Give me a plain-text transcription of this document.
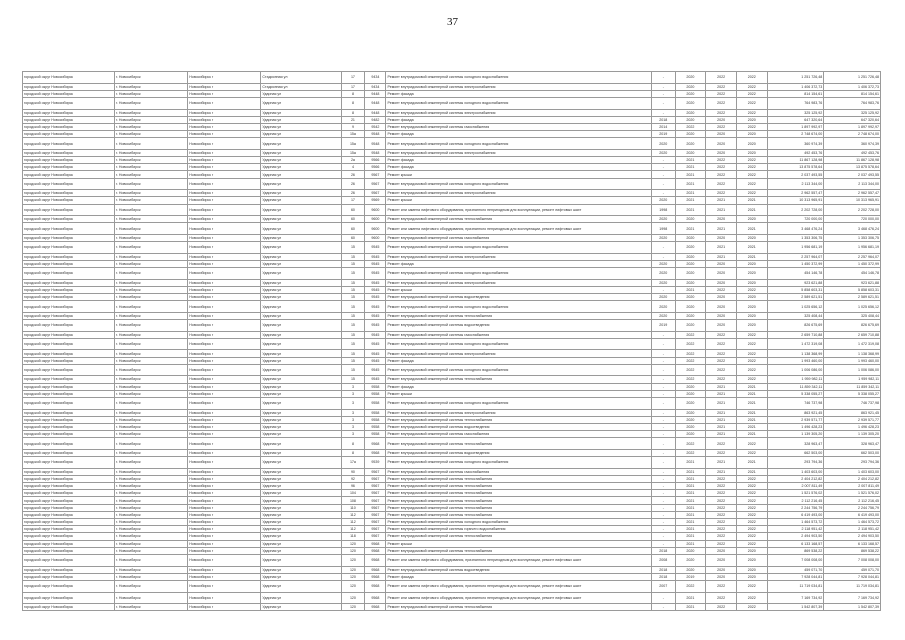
37
городской округ Новосибирск	г. Новосибирск	Новосибирск г	Стадионная ул	17	9434	Ремонт внутридомовой инженерной системы холодного водоснабжения	-	2020	2022	2022	1 251 726,48	1 251 726,48
городской округ Новосибирск	г. Новосибирск	Новосибирск г	Стадионная ул	17	9434	Ремонт внутридомовой инженерной системы электроснабжения	-	2020	2022	2022	1 406 372,73	1 406 372,73
городской округ Новосибирск	г. Новосибирск	Новосибирск г	Ударная ул	8	9448	Ремонт фасада	-	2020	2022	2022	814 154,61	814 154,61
городской округ Новосибирск	г. Новосибирск	Новосибирск г	Ударная ул	8	9448	Ремонт внутридомовой инженерной системы холодного водоснабжения	-	2020	2022	2022	764 983,76	764 983,76
городской округ Новосибирск	г. Новосибирск	Новосибирск г	Ударная ул	8	9448	Ремонт внутридомовой инженерной системы электроснабжения	-	2020	2022	2022	325 125,92	325 125,92
городской округ Новосибирск	г. Новосибирск	Новосибирск г	Ударная ул	21	9482	Ремонт фасада	2018	2020	2020	2020	647 320,64	647 320,64
городской округ Новосибирск	г. Новосибирск	Новосибирск г	Ударная ул	9	9542	Ремонт внутридомовой инженерной системы газоснабжения	2014	2022	2022	2022	1 897 992,97	1 897 992,97
городской округ Новосибирск	г. Новосибирск	Новосибирск г	Ударная ул	15а	9548	Ремонт фасада	2019	2020	2020	2020	2 748 674,00	2 748 674,00
городской округ Новосибирск	г. Новосибирск	Новосибирск г	Ударная ул	15а	9548	Ремонт внутридомовой инженерной системы холодного водоснабжения	2020	2020	2020	2020	360 974,39	360 974,39
городской округ Новосибирск	г. Новосибирск	Новосибирск г	Ударная ул	15а	9548	Ремонт внутридомовой инженерной системы электроснабжения	2020	2020	2020	2020	492 453,76	492 453,76
городской округ Новосибирск	г. Новосибирск	Новосибирск г	Ударная ул	2а	9566	Ремонт фасада	-	2021	2022	2022	11 867 128,98	11 867 128,98
городской округ Новосибирск	г. Новосибирск	Новосибирск г	Ударная ул	4	9566	Ремонт фасада	-	2021	2022	2022	13 875 578,64	13 875 578,64
городской округ Новосибирск	г. Новосибирск	Новосибирск г	Ударная ул	26	9567	Ремонт крыши	-	2021	2022	2022	2 037 493,55	2 037 493,55
городской округ Новосибирск	г. Новосибирск	Новосибирск г	Ударная ул	26	9567	Ремонт внутридомовой инженерной системы холодного водоснабжения	-	2021	2022	2022	2 113 344,00	2 113 344,00
городской округ Новосибирск	г. Новосибирск	Новосибирск г	Ударная ул	26	9567	Ремонт внутридомовой инженерной системы электроснабжения	-	2021	2022	2022	2 962 557,47	2 962 557,47
городской округ Новосибирск	г. Новосибирск	Новосибирск г	Ударная ул	17	9569	Ремонт крыши	2020	2021	2021	2021	10 313 965,91	10 313 965,91
городской округ Новосибирск	г. Новосибирск	Новосибирск г	Ударная ул	60	9600	Ремонт или замена лифтового оборудования, признанного непригодным для эксплуатации, ремонт лифтовых шахт	1998	2021	2021	2021	2 202 728,00	2 202 728,00
городской округ Новосибирск	г. Новосибирск	Новосибирск г	Ударная ул	60	9600	Ремонт внутридомовой инженерной системы теплоснабжения	2020	2020	2020	2020	720 000,00	720 000,00
городской округ Новосибирск	г. Новосибирск	Новосибирск г	Ударная ул	60	9600	Ремонт или замена лифтового оборудования, признанного непригодным для эксплуатации, ремонт лифтовых шахт	1998	2021	2021	2021	3 468 476,24	3 468 476,24
городской округ Новосибирск	г. Новосибирск	Новосибирск г	Ударная ул	60	9600	Ремонт внутридомовой инженерной системы газоснабжения	2020	2020	2020	2020	1 353 306,75	1 353 306,75
городской округ Новосибирск	г. Новосибирск	Новосибирск г	Ударная ул	15	9545	Ремонт внутридомовой инженерной системы холодного водоснабжения	-	2020	2021	2021	1 956 681,19	1 956 681,19
городской округ Новосибирск	г. Новосибирск	Новосибирск г	Ударная ул	15	9545	Ремонт внутридомовой инженерной системы электроснабжения	-	2020	2021	2021	2 257 964,07	2 257 964,07
городской округ Новосибирск	г. Новосибирск	Новосибирск г	Ударная ул	15	9545	Ремонт фасада	2020	2020	2020	2020	1 450 372,99	1 450 372,99
городской округ Новосибирск	г. Новосибирск	Новосибирск г	Ударная ул	15	9545	Ремонт внутридомовой инженерной системы холодного водоснабжения	2020	2020	2020	2020	454 146,78	454 146,78
городской округ Новосибирск	г. Новосибирск	Новосибирск г	Ударная ул	15	9545	Ремонт внутридомовой инженерной системы электроснабжения	2020	2020	2020	2020	923 621,88	923 621,88
городской округ Новосибирск	г. Новосибирск	Новосибирск г	Ударная ул	15	9545	Ремонт крыши	-	2021	2022	2022	5 858 603,31	5 858 603,31
городской округ Новосибирск	г. Новосибирск	Новосибирск г	Ударная ул	15	9545	Ремонт внутридомовой инженерной системы водоотведения	2020	2020	2020	2020	2 589 621,51	2 589 621,51
городской округ Новосибирск	г. Новосибирск	Новосибирск г	Ударная ул	15	9545	Ремонт внутридомовой инженерной системы холодного водоснабжения	2020	2020	2020	2020	1 025 656,12	1 025 656,12
городской округ Новосибирск	г. Новосибирск	Новосибирск г	Ударная ул	15	9545	Ремонт внутридомовой инженерной системы теплоснабжения	2020	2020	2020	2020	325 408,44	325 408,44
городской округ Новосибирск	г. Новосибирск	Новосибирск г	Ударная ул	15	9545	Ремонт внутридомовой инженерной системы водоотведения	2019	2020	2020	2020	826 675,69	826 675,69
городской округ Новосибирск	г. Новосибирск	Новосибирск г	Ударная ул	15	9545	Ремонт внутридомовой инженерной системы газоснабжения	-	2022	2022	2022	2 659 710,88	2 659 710,88
городской округ Новосибирск	г. Новосибирск	Новосибирск г	Ударная ул	15	9545	Ремонт внутридомовой инженерной системы холодного водоснабжения	-	2022	2022	2022	1 472 319,08	1 472 319,08
городской округ Новосибирск	г. Новосибирск	Новосибирск г	Ударная ул	15	9545	Ремонт внутридомовой инженерной системы электроснабжения	-	2022	2022	2022	1 138 368,99	1 138 368,99
городской округ Новосибирск	г. Новосибирск	Новосибирск г	Ударная ул	15	9545	Ремонт фасада	-	2022	2022	2022	1 993 460,00	1 993 460,00
городской округ Новосибирск	г. Новосибирск	Новосибирск г	Ударная ул	15	9545	Ремонт внутридомовой инженерной системы холодного водоснабжения	-	2022	2022	2022	1 006 086,00	1 006 086,00
городской округ Новосибирск	г. Новосибирск	Новосибирск г	Ударная ул	15	9545	Ремонт внутридомовой инженерной системы теплоснабжения	-	2022	2022	2022	1 959 982,11	1 959 982,11
городской округ Новосибирск	г. Новосибирск	Новосибирск г	Ударная ул	3	9558	Ремонт фасада	-	2020	2021	2021	11 859 342,11	11 859 342,11
городской округ Новосибирск	г. Новосибирск	Новосибирск г	Ударная ул	3	9558	Ремонт крыши	-	2020	2021	2021	5 338 055,27	5 338 055,27
городской округ Новосибирск	г. Новосибирск	Новосибирск г	Ударная ул	3	9558	Ремонт внутридомовой инженерной системы холодного водоснабжения	-	2020	2021	2021	746 737,98	746 737,98
городской округ Новосибирск	г. Новосибирск	Новосибирск г	Ударная ул	3	9558	Ремонт внутридомовой инженерной системы электроснабжения	-	2020	2021	2021	863 921,45	863 921,45
городской округ Новосибирск	г. Новосибирск	Новосибирск г	Ударная ул	3	9558	Ремонт внутридомовой инженерной системы теплоснабжения	-	2020	2021	2021	2 939 571,77	2 939 571,77
городской округ Новосибирск	г. Новосибирск	Новосибирск г	Ударная ул	3	9558	Ремонт внутридомовой инженерной системы водоотведения	-	2020	2021	2021	1 496 428,23	1 496 428,23
городской округ Новосибирск	г. Новосибирск	Новосибирск г	Ударная ул	3	9558	Ремонт внутридомовой инженерной системы газоснабжения	-	2020	2021	2021	1 139 305,20	1 139 305,20
городской округ Новосибирск	г. Новосибирск	Новосибирск г	Ударная ул	8	9568	Ремонт внутридомовой инженерной системы теплоснабжения	-	2022	2022	2022	328 963,47	328 963,47
городской округ Новосибирск	г. Новосибирск	Новосибирск г	Ударная ул	8	9568	Ремонт внутридомовой инженерной системы водоотведения	-	2022	2022	2022	662 503,00	662 503,00
городской округ Новосибирск	г. Новосибирск	Новосибирск г	Ударная ул	17а	9539	Ремонт внутридомовой инженерной системы холодного водоснабжения	-	2021	2021	2021	293 794,36	293 794,36
городской округ Новосибирск	г. Новосибирск	Новосибирск г	Ударная ул	90	9567	Ремонт внутридомовой инженерной системы газоснабжения	-	2021	2021	2021	1 403 603,00	1 403 603,00
городской округ Новосибирск	г. Новосибирск	Новосибирск г	Ударная ул	92	9567	Ремонт внутридомовой инженерной системы теплоснабжения	-	2021	2022	2022	2 404 212,82	2 404 212,82
городской округ Новосибирск	г. Новосибирск	Новосибирск г	Ударная ул	96	9567	Ремонт внутридомовой инженерной системы теплоснабжения	-	2021	2022	2022	2 007 811,49	2 007 811,49
городской округ Новосибирск	г. Новосибирск	Новосибирск г	Ударная ул	104	9567	Ремонт внутридомовой инженерной системы теплоснабжения	-	2021	2022	2022	1 521 576,02	1 521 576,02
городской округ Новосибирск	г. Новосибирск	Новосибирск г	Ударная ул	108	9567	Ремонт внутридомовой инженерной системы теплоснабжения	-	2021	2022	2022	2 112 216,45	2 112 216,45
городской округ Новосибирск	г. Новосибирск	Новосибирск г	Ударная ул	110	9567	Ремонт внутридомовой инженерной системы теплоснабжения	-	2021	2022	2022	2 244 756,79	2 244 756,79
городской округ Новосибирск	г. Новосибирск	Новосибирск г	Ударная ул	112	9567	Ремонт внутридомовой инженерной системы теплоснабжения	-	2021	2022	2022	6 419 493,00	6 419 493,00
городской округ Новосибирск	г. Новосибирск	Новосибирск г	Ударная ул	112	9567	Ремонт внутридомовой инженерной системы холодного водоснабжения	-	2021	2022	2022	1 464 573,72	1 464 573,72
городской округ Новосибирск	г. Новосибирск	Новосибирск г	Ударная ул	112	9567	Ремонт внутридомовой инженерной системы горячего водоснабжения	-	2021	2022	2022	2 118 951,42	2 118 951,42
городской округ Новосибирск	г. Новосибирск	Новосибирск г	Ударная ул	118	9567	Ремонт внутридомовой инженерной системы теплоснабжения	-	2021	2022	2022	2 494 903,50	2 494 903,50
городской округ Новосибирск	г. Новосибирск	Новосибирск г	Ударная ул	120	9568	Ремонт крыши	-	2021	2022	2022	6 133 168,57	6 133 168,57
городской округ Новосибирск	г. Новосибирск	Новосибирск г	Ударная ул	120	9568	Ремонт внутридомовой инженерной системы теплоснабжения	2018	2020	2020	2020	869 538,22	869 538,22
городской округ Новосибирск	г. Новосибирск	Новосибирск г	Ударная ул	120	9568	Ремонт или замена лифтового оборудования, признанного непригодным для эксплуатации, ремонт лифтовых шахт	2008	2020	2020	2020	7 008 008,00	7 008 008,00
городской округ Новосибирск	г. Новосибирск	Новосибирск г	Ударная ул	120	9568	Ремонт внутридомовой инженерной системы водоотведения	2018	2020	2020	2020	459 071,70	459 071,70
городской округ Новосибирск	г. Новосибирск	Новосибирск г	Ударная ул	120	9568	Ремонт фасада	2018	2019	2020	2020	7 928 044,81	7 928 044,81
городской округ Новосибирск	г. Новосибирск	Новосибирск г	Ударная ул	120	9568	Ремонт или замена лифтового оборудования, признанного непригодным для эксплуатации, ремонт лифтовых шахт	2007	2022	2022	2022	11 719 034,81	11 719 034,81
городской округ Новосибирск	г. Новосибирск	Новосибирск г	Ударная ул	120	9568	Ремонт или замена лифтового оборудования, признанного непригодным для эксплуатации, ремонт лифтовых шахт	-	2021	2022	2022	7 169 734,92	7 169 734,92
городской округ Новосибирск	г. Новосибирск	Новосибирск г	Ударная ул	120	9568	Ремонт внутридомовой инженерной системы теплоснабжения	-	2021	2022	2022	1 542 807,39	1 542 807,39
